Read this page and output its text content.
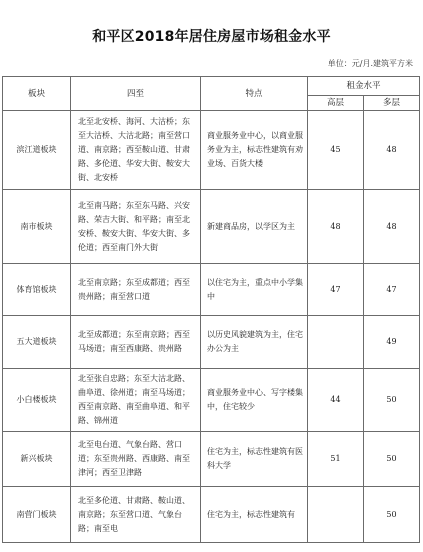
和平区2018年居住房屋市场租金水平
单位：元/月.建筑平方米
板块	四至	特点	租金水平	
			高层	多层
滨江道板块	北至北安桥、海河、大沽桥；东至大沽桥、大沽北路；南至营口道、南京路；西至鞍山道、甘肃路、多伦道、华安大街、鞍安大街、北安桥	商业服务业中心，以商业服务业为主，标志性建筑有劝业场、百货大楼	45	48
南市板块	北至南马路；东至东马路、兴安路、荣吉大街、和平路；南至北安桥、鞍安大街、华安大街、多伦道；西至南门外大街	新建商品房，以学区为主	48	48
体育馆板块	北至南京路；东至成都道；西至贵州路；南至营口道	以住宅为主，重点中小学集中	47	47
五大道板块	北至成都道；东至南京路；西至马场道；南至西康路、贵州路	以历史风貌建筑为主，住宅办公为主		49
小白楼板块	北至张自忠路；东至大沽北路、曲阜道、徐州道；南至马场道；西至南京路、南至曲阜道、和平路、锦州道	商业服务业中心、写字楼集中，住宅较少	44	50
新兴板块	北至电台道、气象台路、营口道；东至贵州路、西康路、南至津河；西至卫津路	住宅为主，标志性建筑有医科大学	51	50
南营门板块	北至多伦道、甘肃路、鞍山道、南京路；东至营口道、气象台路；南至电	住宅为主，标志性建筑有		50
